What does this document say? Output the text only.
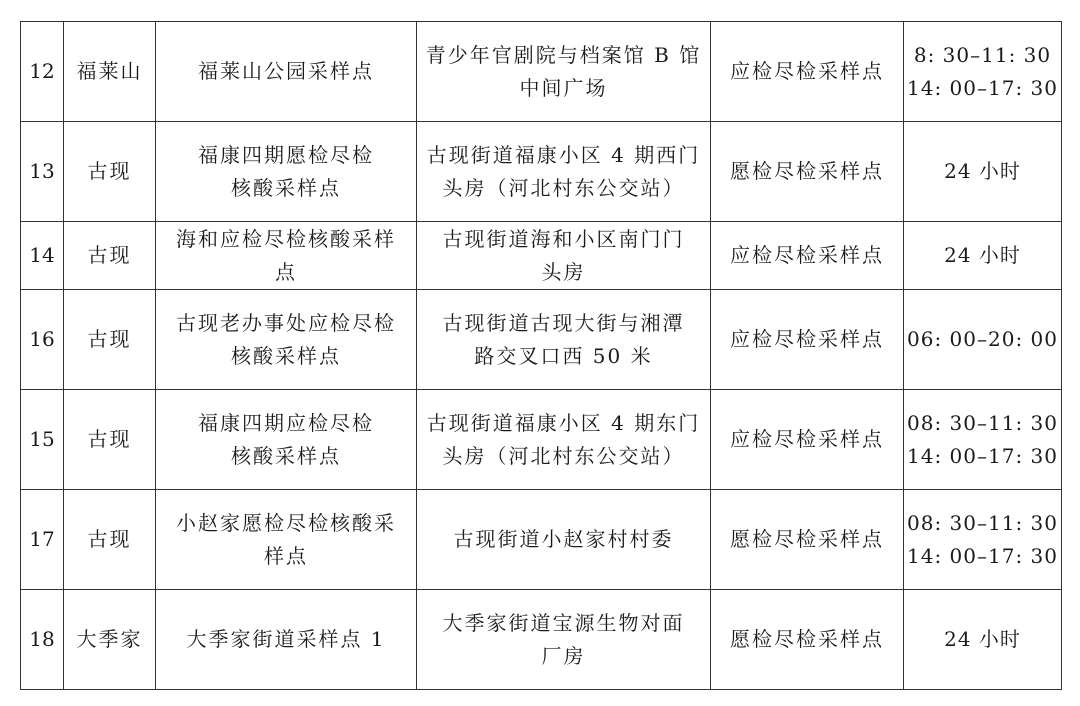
12	福莱山	福莱山公园采样点	青少年官剧院与档案馆 B 馆
中间广场	应检尽检采样点	8: 30–11: 30
14: 00–17: 30

13	古现	福康四期愿检尽检
核酸采样点	古现街道福康小区 4 期西门
头房（河北村东公交站）	愿检尽检采样点	24 小时

14	古现	海和应检尽检核酸采样
点	古现街道海和小区南门门
头房	应检尽检采样点	24 小时

16	古现	古现老办事处应检尽检
核酸采样点	古现街道古现大街与湘潭
路交叉口西 50 米	应检尽检采样点	06: 00–20: 00

15	古现	福康四期应检尽检
核酸采样点	古现街道福康小区 4 期东门
头房（河北村东公交站）	应检尽检采样点	08: 30–11: 30
14: 00–17: 30

17	古现	小赵家愿检尽检核酸采
样点	古现街道小赵家村村委	愿检尽检采样点	08: 30–11: 30
14: 00–17: 30

18	大季家	大季家街道采样点 1	大季家街道宝源生物对面
厂房	愿检尽检采样点	24 小时
